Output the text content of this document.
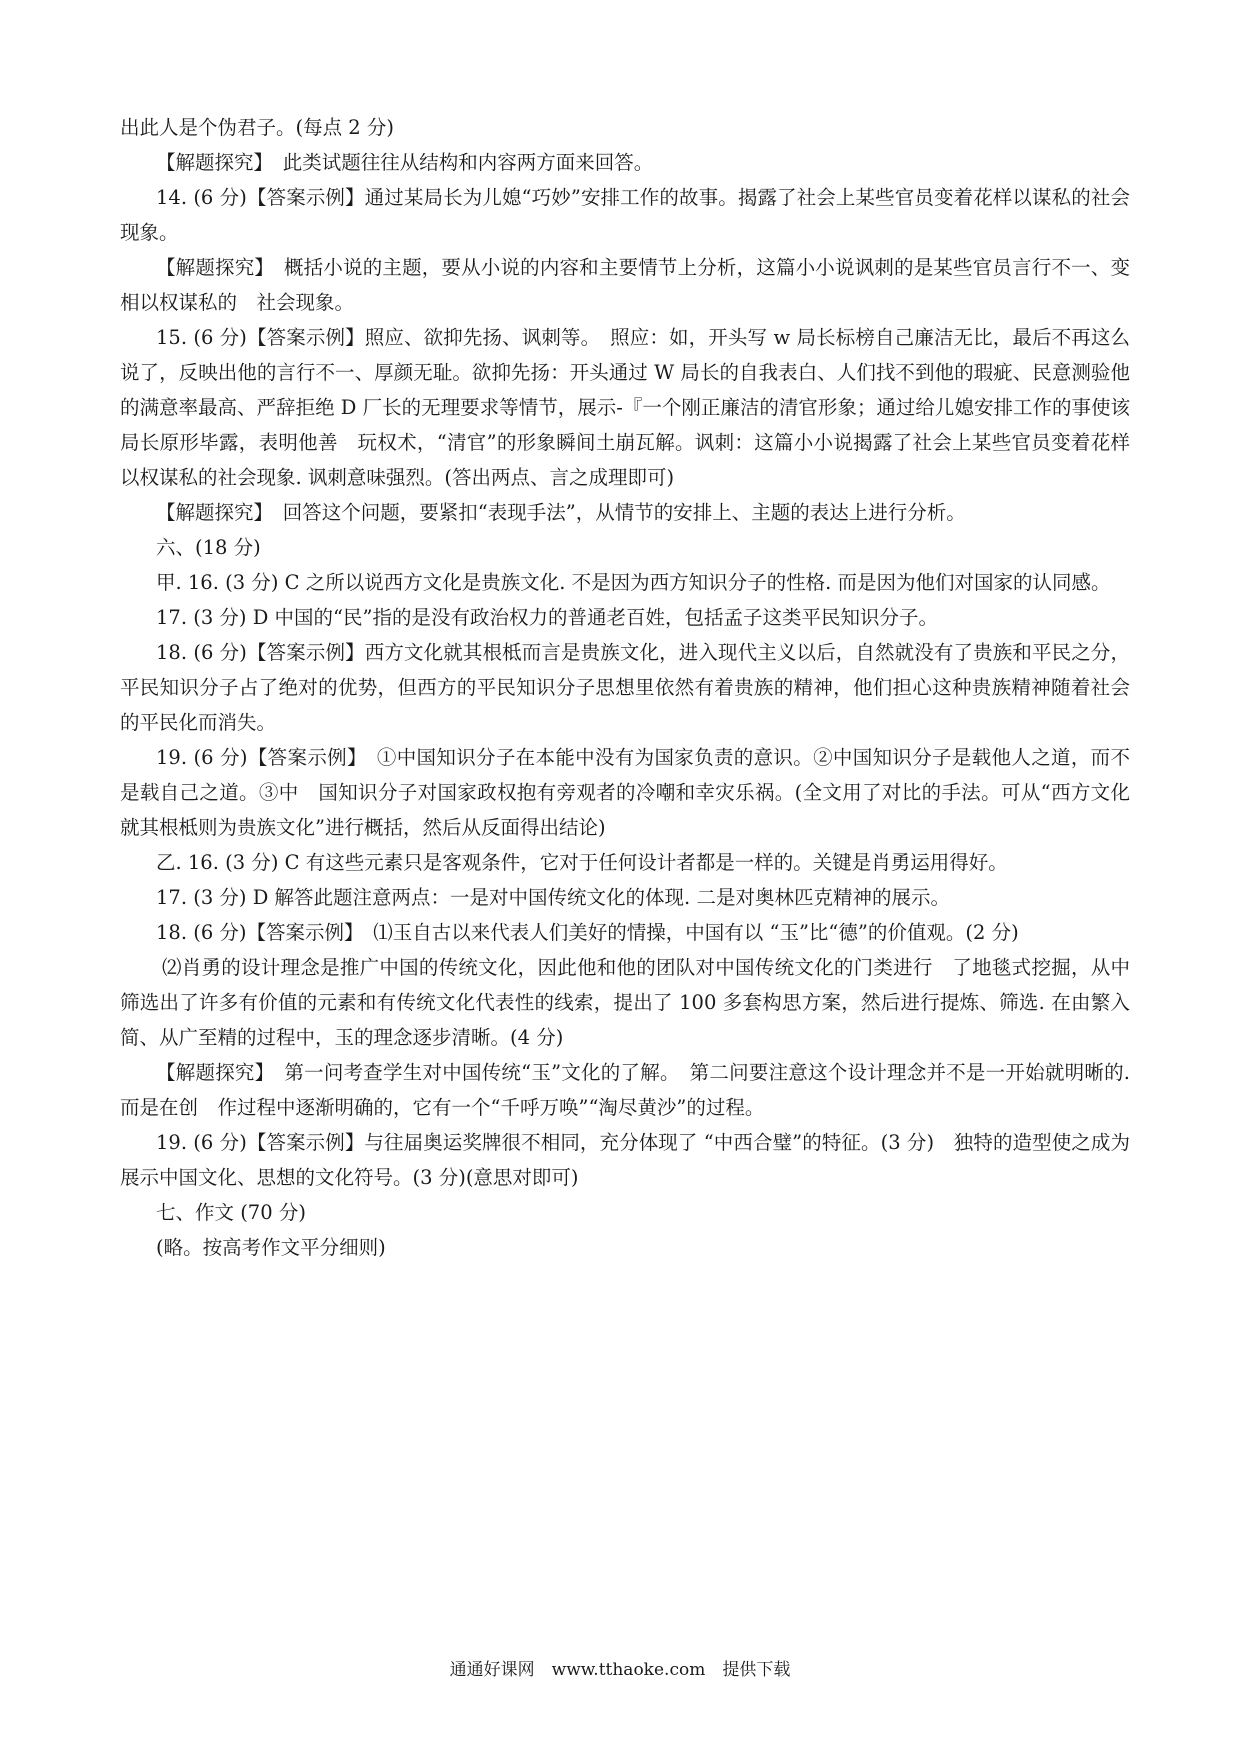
出此人是个伪君子。(每点 2 分)

【解题探究】　此类试题往往从结构和内容两方面来回答。

14. (6 分)【答案示例】通过某局长为儿媳“巧妙”安排工作的故事。揭露了社会上某些官员变着花样以谋私的社会现象。

【解题探究】　概括小说的主题，要从小说的内容和主要情节上分析，这篇小小说讽刺的是某些官员言行不一、变相以权谋私的　社会现象。

15. (6 分)【答案示例】照应、欲抑先扬、讽刺等。　照应：如，开头写 w 局长标榜自己廉洁无比，最后不再这么说了，反映出他的言行不一、厚颜无耻。欲抑先扬：开头通过 W 局长的自我表白、人们找不到他的瑕疵、民意测验他的满意率最高、严辞拒绝 D 厂长的无理要求等情节，展示-『一个刚正廉洁的清官形象；通过给儿媳安排工作的事使该局长原形毕露，表明他善　玩权术，“清官”的形象瞬间土崩瓦解。讽刺：这篇小小说揭露了社会上某些官员变着花样以权谋私的社会现象. 讽刺意味强烈。(答出两点、言之成理即可)

【解题探究】　回答这个问题，要紧扣“表现手法”，从情节的安排上、主题的表达上进行分析。

六、(18 分)

甲. 16. (3 分) C 之所以说西方文化是贵族文化. 不是因为西方知识分子的性格. 而是因为他们对国家的认同感。

17. (3 分) D 中国的“民”指的是没有政治权力的普通老百姓，包括孟子这类平民知识分子。

18. (6 分)【答案示例】西方文化就其根柢而言是贵族文化，进入现代主义以后，自然就没有了贵族和平民之分，平民知识分子占了绝对的优势，但西方的平民知识分子思想里依然有着贵族的精神，他们担心这种贵族精神随着社会的平民化而消失。

19. (6 分)【答案示例】　①中国知识分子在本能中没有为国家负责的意识。②中国知识分子是载他人之道，而不是载自己之道。③中　国知识分子对国家政权抱有旁观者的冷嘲和幸灾乐祸。(全文用了对比的手法。可从“西方文化就其根柢则为贵族文化”进行概括，然后从反面得出结论)

乙. 16. (3 分) C 有这些元素只是客观条件，它对于任何设计者都是一样的。关键是肖勇运用得好。

17. (3 分) D 解答此题注意两点：一是对中国传统文化的体现. 二是对奥林匹克精神的展示。

18. (6 分)【答案示例】　⑴玉自古以来代表人们美好的情操，中国有以 “玉”比“德”的价值观。(2 分)

⑵肖勇的设计理念是推广中国的传统文化，因此他和他的团队对中国传统文化的门类进行　了地毯式挖掘，从中筛选出了许多有价值的元素和有传统文化代表性的线索，提出了 100 多套构思方案，然后进行提炼、筛选. 在由繁入简、从广至精的过程中，玉的理念逐步清晰。(4 分)

【解题探究】　第一问考查学生对中国传统“玉”文化的了解。　第二问要注意这个设计理念并不是一开始就明晰的. 而是在创　作过程中逐渐明确的，它有一个“千呼万唤”“淘尽黄沙”的过程。

19. (6 分)【答案示例】与往届奥运奖牌很不相同，充分体现了 “中西合璧”的特征。(3 分)　独特的造型使之成为展示中国文化、思想的文化符号。(3 分)(意思对即可)

七、作文 (70 分)

(略。按高考作文平分细则)

通通好课网　www.tthaoke.com　提供下载
